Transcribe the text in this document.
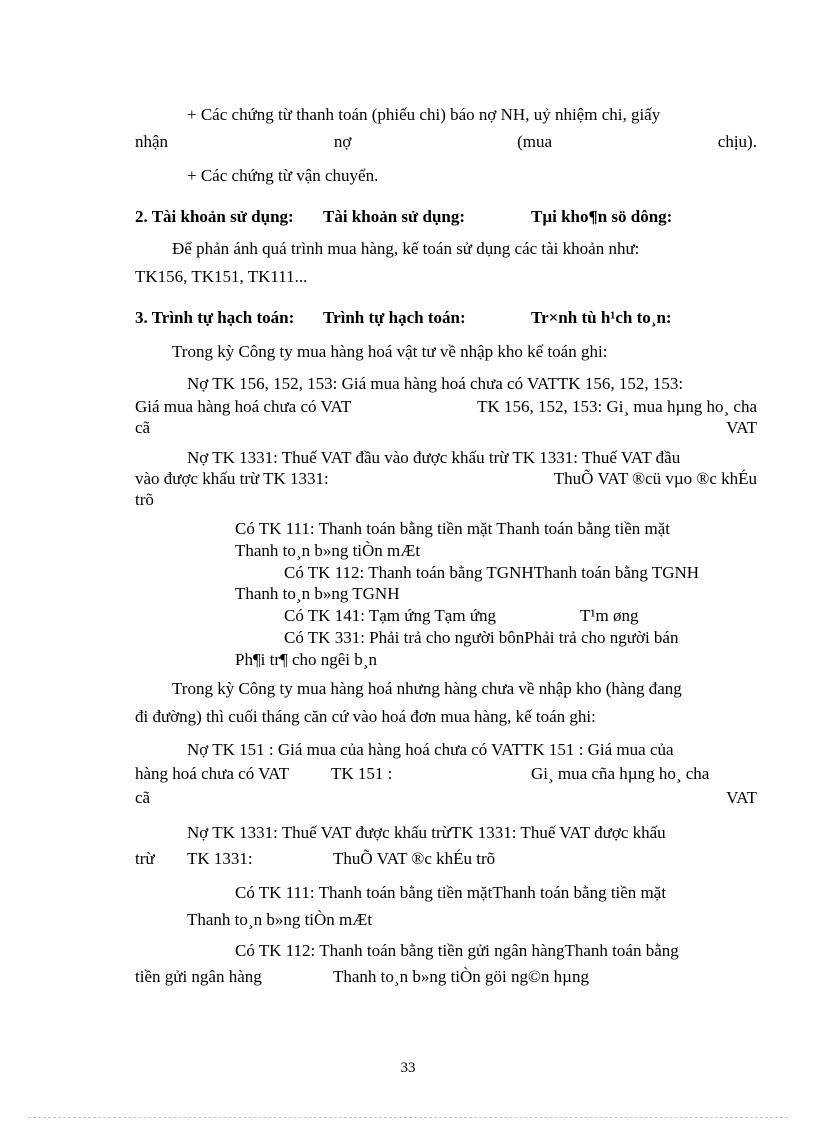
+ Các chứng từ thanh toán (phiếu chi) báo nợ NH, uỷ nhiệm chi, giấy
nhận	nợ	(mua	chịu).
+ Các chứng từ vận chuyển.
2. Tài khoản sử dụng: Tài khoản sử dụng:	Tµi kho¶n sö dông:
Để phản ánh quá trình mua hàng, kế toán sử dụng các tài khoản như:
TK156, TK151, TK111...
3. Trình tự hạch toán: Trình tự hạch toán:	Tr×nh tù h¹ch to¸n:
Trong kỳ Công ty mua hàng hoá vật tư về nhập kho kế toán ghi:
Nợ TK 156, 152, 153: Giá mua hàng hoá chưa có VATTK 156, 152, 153:
Giá mua hàng hoá chưa có VAT	TK 156, 152, 153: Gi¸ mua hµng ho¸ cha
cã	VAT
Nợ TK 1331: Thuế VAT đầu vào được khấu trừ TK 1331: Thuế VAT đầu
vào được khấu trừ TK 1331:	ThuÕ VAT ®cü vµo ®c khÉu
trõ
Có TK 111: Thanh toán bằng tiền mặt Thanh toán bằng tiền mặt
Thanh to¸n b»ng tiÒn mÆt
Có TK 112: Thanh toán bằng TGNHThanh toán bằng TGNH
Thanh to¸n b»ng TGNH
Có TK 141: Tạm ứng Tạm ứng	T¹m øng
Có TK 331: Phải trả cho người bônPhải trả cho người bán
Ph¶i tr¶ cho ngêi b¸n
Trong kỳ Công ty mua hàng hoá nhưng hàng chưa về nhập kho (hàng đang
đi đường) thì cuối tháng căn cứ vào hoá đơn mua hàng, kế toán ghi:
Nợ TK 151 : Giá mua của hàng hoá chưa có VATTK 151 : Giá mua của
hàng hoá chưa có VAT TK 151 :	Gi¸ mua cña hµng ho¸ cha
cã	VAT
Nợ TK 1331: Thuế VAT được khấu trừTK 1331: Thuế VAT được khấu
trừ TK 1331:	ThuÕ VAT ®c khÉu trõ
Có TK 111: Thanh toán bằng tiền mặtThanh toán bằng tiền mặt
Thanh to¸n b»ng tiÒn mÆt
Có TK 112: Thanh toán bằng tiền gửi ngân hàngThanh toán bằng
tiền gửi ngân hàng	Thanh to¸n b»ng tiÒn göi ng©n hµng
33
